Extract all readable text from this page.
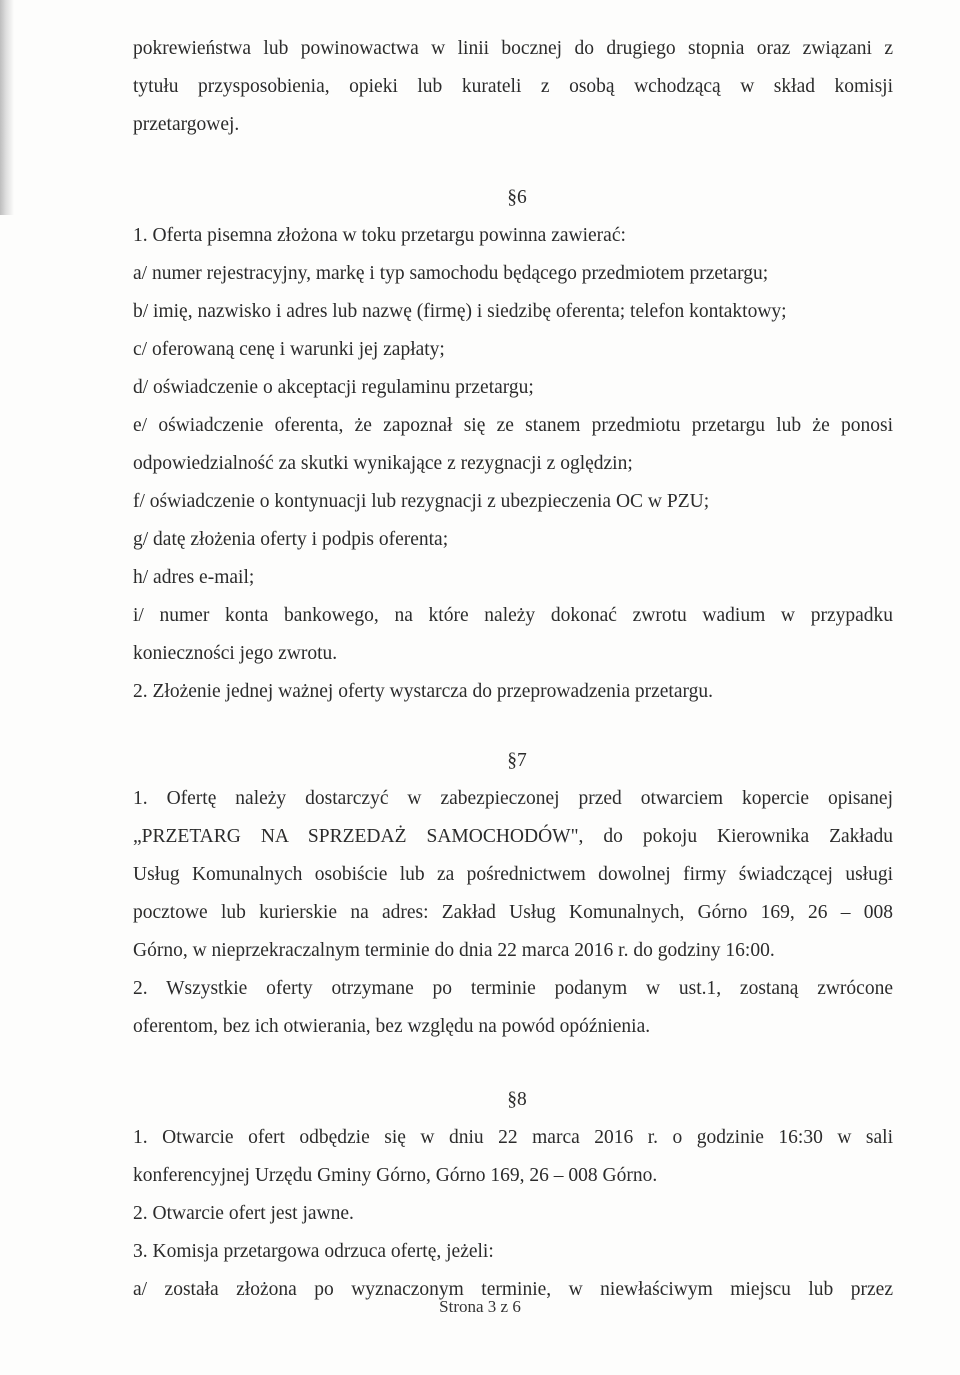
pokrewieństwa lub powinowactwa w linii bocznej do drugiego stopnia oraz związani z
tytułu przysposobienia, opieki lub kurateli z osobą wchodzącą w skład komisji
przetargowej.
§6
1. Oferta pisemna złożona w toku przetargu powinna zawierać:
a/ numer rejestracyjny, markę i typ samochodu będącego przedmiotem przetargu;
b/ imię, nazwisko i adres lub nazwę (firmę) i siedzibę oferenta; telefon kontaktowy;
c/ oferowaną cenę i warunki jej zapłaty;
d/ oświadczenie o akceptacji regulaminu przetargu;
e/ oświadczenie oferenta, że zapoznał się ze stanem przedmiotu przetargu lub że ponosi
odpowiedzialność za skutki wynikające z rezygnacji z oględzin;
f/ oświadczenie o kontynuacji lub rezygnacji z ubezpieczenia OC w PZU;
g/ datę złożenia oferty i podpis oferenta;
h/ adres e-mail;
i/ numer konta bankowego, na które należy dokonać zwrotu wadium w przypadku
konieczności jego zwrotu.
2. Złożenie jednej ważnej oferty wystarcza do przeprowadzenia przetargu.
§7
1. Ofertę należy dostarczyć w zabezpieczonej przed otwarciem kopercie opisanej
„PRZETARG NA SPRZEDAŻ SAMOCHODÓW", do pokoju Kierownika Zakładu
Usług Komunalnych osobiście lub za pośrednictwem dowolnej firmy świadczącej usługi
pocztowe lub kurierskie na adres: Zakład Usług Komunalnych, Górno 169, 26 – 008
Górno, w nieprzekraczalnym terminie do dnia 22 marca 2016 r. do godziny 16:00.
2. Wszystkie oferty otrzymane po terminie podanym w ust.1, zostaną zwrócone
oferentom, bez ich otwierania, bez względu na powód opóźnienia.
§8
1. Otwarcie ofert odbędzie się w dniu 22 marca 2016 r. o godzinie 16:30 w sali
konferencyjnej Urzędu Gminy Górno, Górno 169, 26 – 008 Górno.
2. Otwarcie ofert jest jawne.
3. Komisja przetargowa odrzuca ofertę, jeżeli:
a/ została złożona po wyznaczonym terminie, w niewłaściwym miejscu lub przez
Strona 3 z 6
